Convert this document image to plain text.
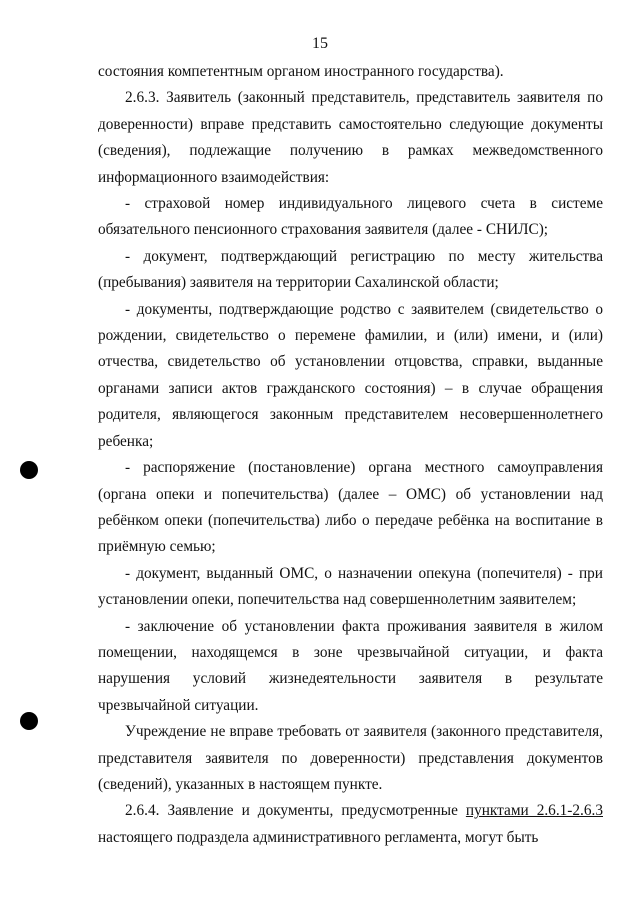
15

состояния компетентным органом иностранного государства).

2.6.3. Заявитель (законный представитель, представитель заявителя по доверенности) вправе представить самостоятельно следующие документы (сведения), подлежащие получению в рамках межведомственного информационного взаимодействия:

- страховой номер индивидуального лицевого счета в системе обязательного пенсионного страхования заявителя (далее - СНИЛС);

- документ, подтверждающий регистрацию по месту жительства (пребывания) заявителя на территории Сахалинской области;

- документы, подтверждающие родство с заявителем (свидетельство о рождении, свидетельство о перемене фамилии, и (или) имени, и (или) отчества, свидетельство об установлении отцовства, справки, выданные органами записи актов гражданского состояния) – в случае обращения родителя, являющегося законным представителем несовершеннолетнего ребенка;

- распоряжение (постановление) органа местного самоуправления (органа опеки и попечительства) (далее – ОМС) об установлении над ребёнком опеки (попечительства) либо о передаче ребёнка на воспитание в приёмную семью;

- документ, выданный ОМС, о назначении опекуна (попечителя) - при установлении опеки, попечительства над совершеннолетним заявителем;

- заключение об установлении факта проживания заявителя в жилом помещении, находящемся в зоне чрезвычайной ситуации, и факта нарушения условий жизнедеятельности заявителя в результате чрезвычайной ситуации.

Учреждение не вправе требовать от заявителя (законного представителя, представителя заявителя по доверенности) представления документов (сведений), указанных в настоящем пункте.

2.6.4. Заявление и документы, предусмотренные пунктами 2.6.1-2.6.3 настоящего подраздела административного регламента, могут быть
